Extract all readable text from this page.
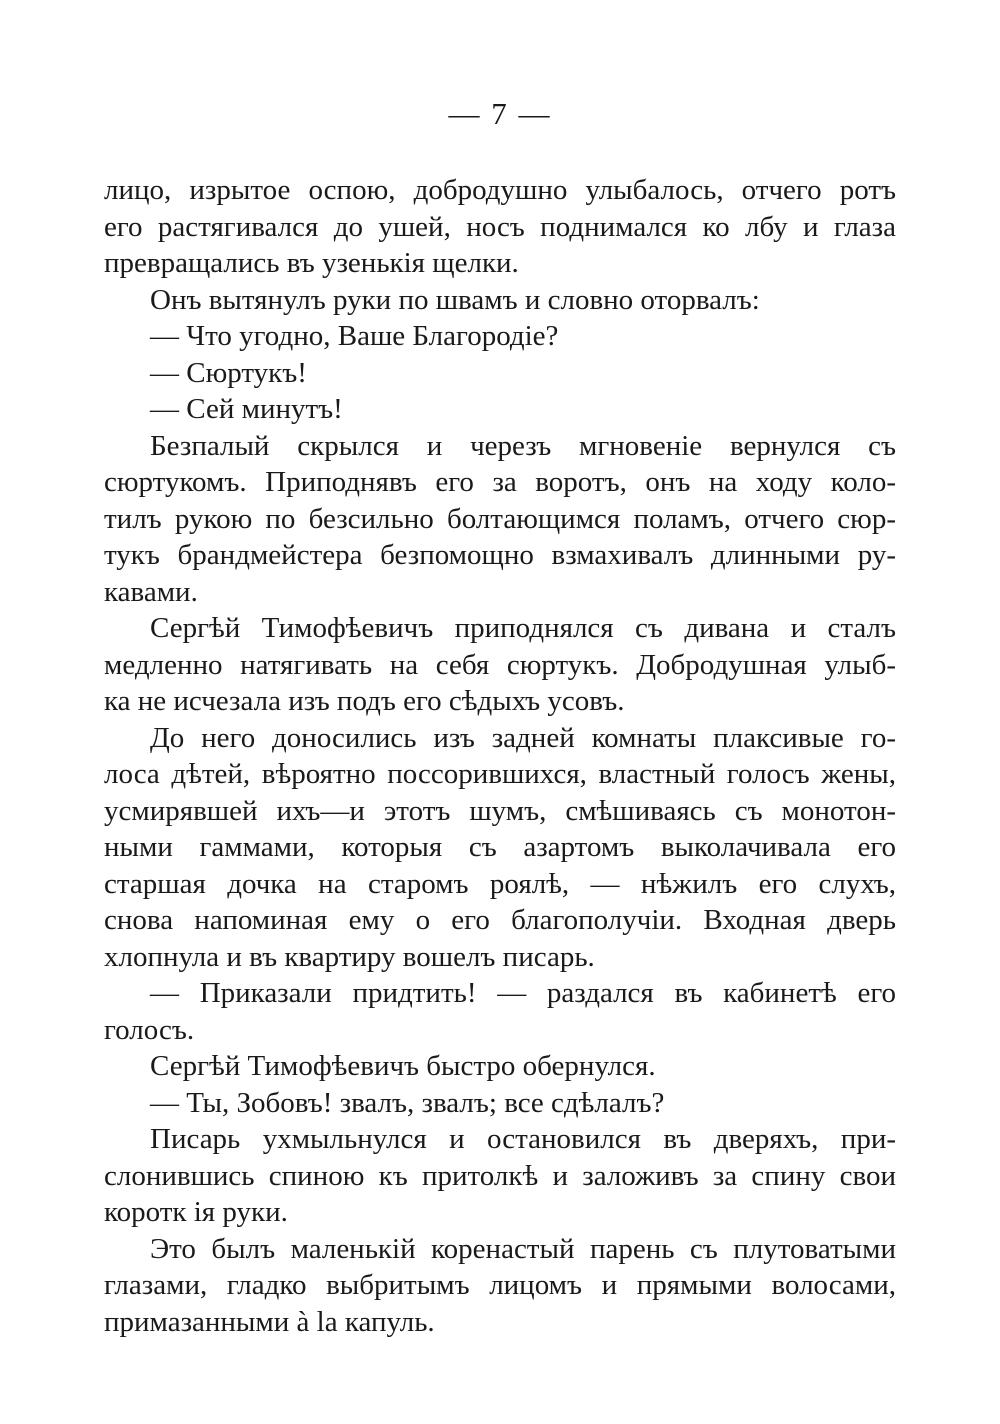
— 7 —
лицо, изрытое оспою, добродушно улыбалось, отчего ротъ
его растягивался до ушей, носъ поднимался ко лбу и глаза
превращались въ узенькія щелки.
Онъ вытянулъ руки по швамъ и словно оторвалъ:
— Что угодно, Ваше Благородіе?
— Сюртукъ!
— Сей минутъ!
Безпалый скрылся и черезъ мгновеніе вернулся съ
сюртукомъ. Приподнявъ его за воротъ, онъ на ходу коло-
тилъ рукою по безсильно болтающимся поламъ, отчего сюр-
тукъ брандмейстера безпомощно взмахивалъ длинными ру-
кавами.
Сергѣй Тимофѣевичъ приподнялся съ дивана и сталъ
медленно натягивать на себя сюртукъ. Добродушная улыб-
ка не исчезала изъ подъ его сѣдыхъ усовъ.
До него доносились изъ задней комнаты плаксивые го-
лоса дѣтей, вѣроятно поссорившихся, властный голосъ жены,
усмирявшей ихъ—и этотъ шумъ, смѣшиваясь съ монотон-
ными гаммами, которыя съ азартомъ выколачивала его
старшая дочка на старомъ роялѣ, — нѣжилъ его слухъ,
снова напоминая ему о его благополучіи. Входная дверь
хлопнула и въ квартиру вошелъ писарь.
— Приказали придтить! — раздался въ кабинетѣ его
голосъ.
Сергѣй Тимофѣевичъ быстро обернулся.
— Ты, Зобовъ! звалъ, звалъ; все сдѣлалъ?
Писарь ухмыльнулся и остановился въ дверяхъ, при-
слонившись спиною къ притолкѣ и заложивъ за спину свои
коротк ія руки.
Это былъ маленькій коренастый парень съ плутоватыми
глазами, гладко выбритымъ лицомъ и прямыми волосами,
примазанными à la капуль.
